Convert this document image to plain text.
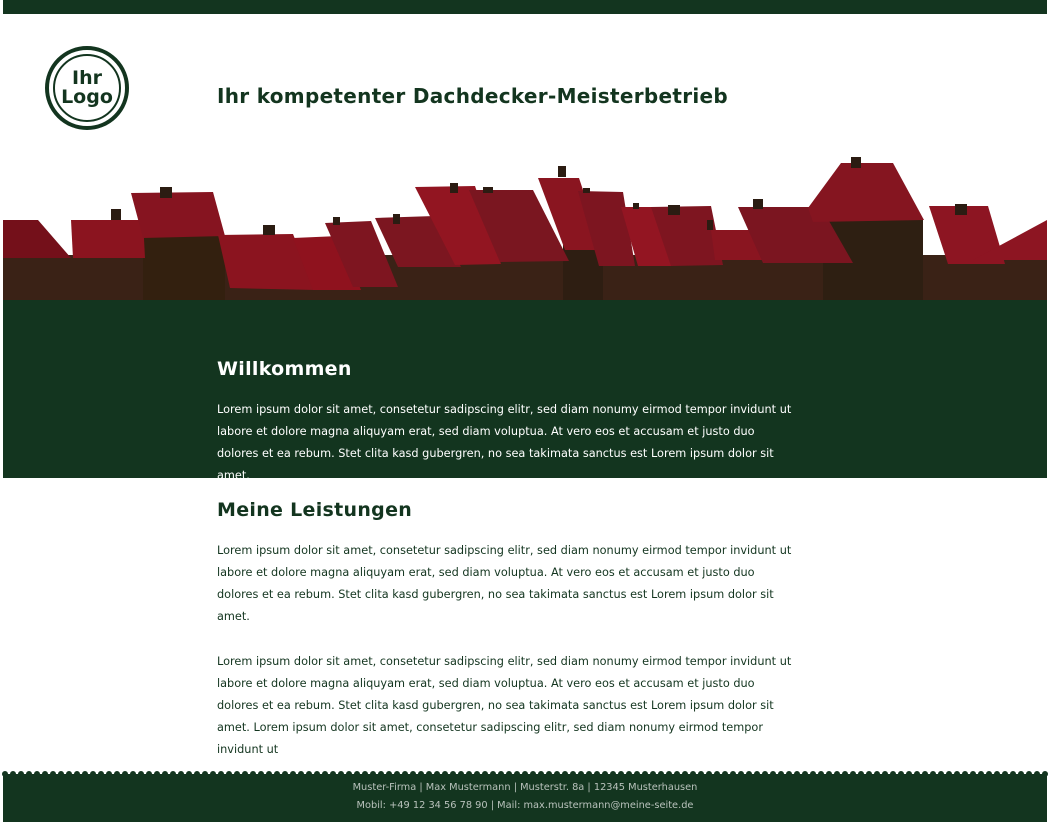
Ihr
Logo	Ihr kompetenter Dachdecker-Meisterbetrieb
Willkommen

Lorem ipsum dolor sit amet, consetetur sadipscing elitr, sed diam nonumy eirmod tempor invidunt ut labore et dolore magna aliquyam erat, sed diam voluptua. At vero eos et accusam et justo duo dolores et ea rebum. Stet clita kasd gubergren, no sea takimata sanctus est Lorem ipsum dolor sit amet.

Meine Leistungen

Lorem ipsum dolor sit amet, consetetur sadipscing elitr, sed diam nonumy eirmod tempor invidunt ut labore et dolore magna aliquyam erat, sed diam voluptua. At vero eos et accusam et justo duo dolores et ea rebum. Stet clita kasd gubergren, no sea takimata sanctus est Lorem ipsum dolor sit amet.

Lorem ipsum dolor sit amet, consetetur sadipscing elitr, sed diam nonumy eirmod tempor invidunt ut labore et dolore magna aliquyam erat, sed diam voluptua. At vero eos et accusam et justo duo dolores et ea rebum. Stet clita kasd gubergren, no sea takimata sanctus est Lorem ipsum dolor sit amet. Lorem ipsum dolor sit amet, consetetur sadipscing elitr, sed diam nonumy eirmod tempor invidunt ut

Muster-Firma | Max Mustermann | Musterstr. 8a | 12345 Musterhausen
Mobil: +49 12 34 56 78 90 | Mail: max.mustermann@meine-seite.de
